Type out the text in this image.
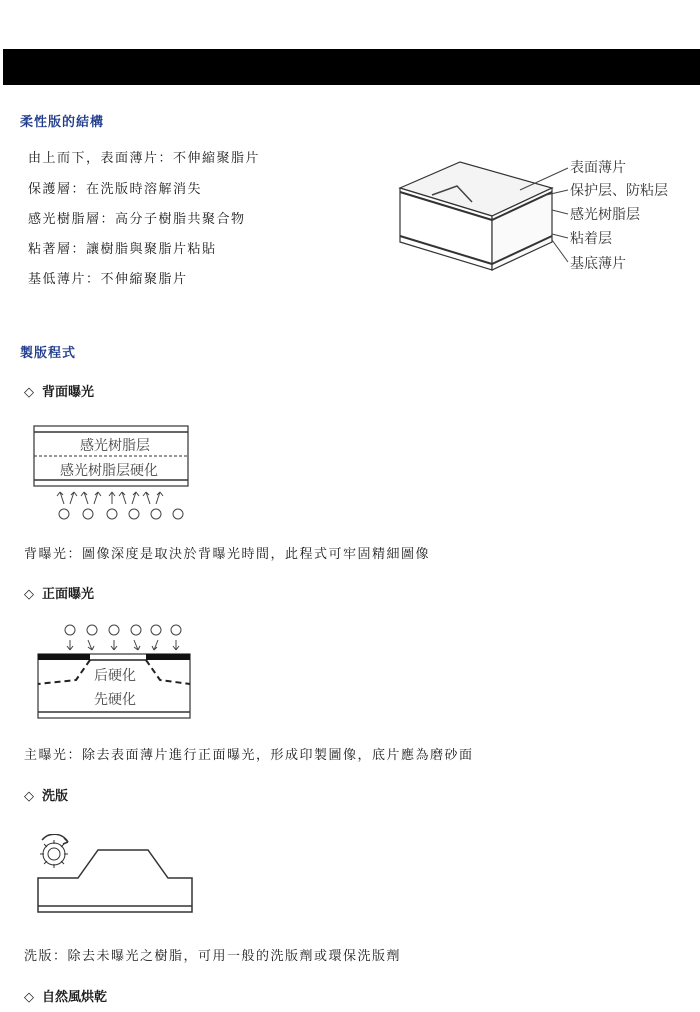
柔性版的結構
由上而下，表面薄片：不伸縮聚脂片
保護層：在洗版時溶解消失
感光樹脂層：高分子樹脂共聚合物
粘著層：讓樹脂與聚脂片粘貼
基低薄片：不伸縮聚脂片
表面薄片
保护层、防粘层
感光树脂层
粘着层
基底薄片
製版程式
◇ 背面曝光
感光树脂层
感光树脂层硬化
背曝光：圖像深度是取決於背曝光時間，此程式可牢固精細圖像
◇ 正面曝光
后硬化
先硬化
主曝光：除去表面薄片進行正面曝光，形成印製圖像，底片應為磨砂面
◇ 洗版
洗版：除去未曝光之樹脂，可用一般的洗版劑或環保洗版劑
◇ 自然風烘乾
